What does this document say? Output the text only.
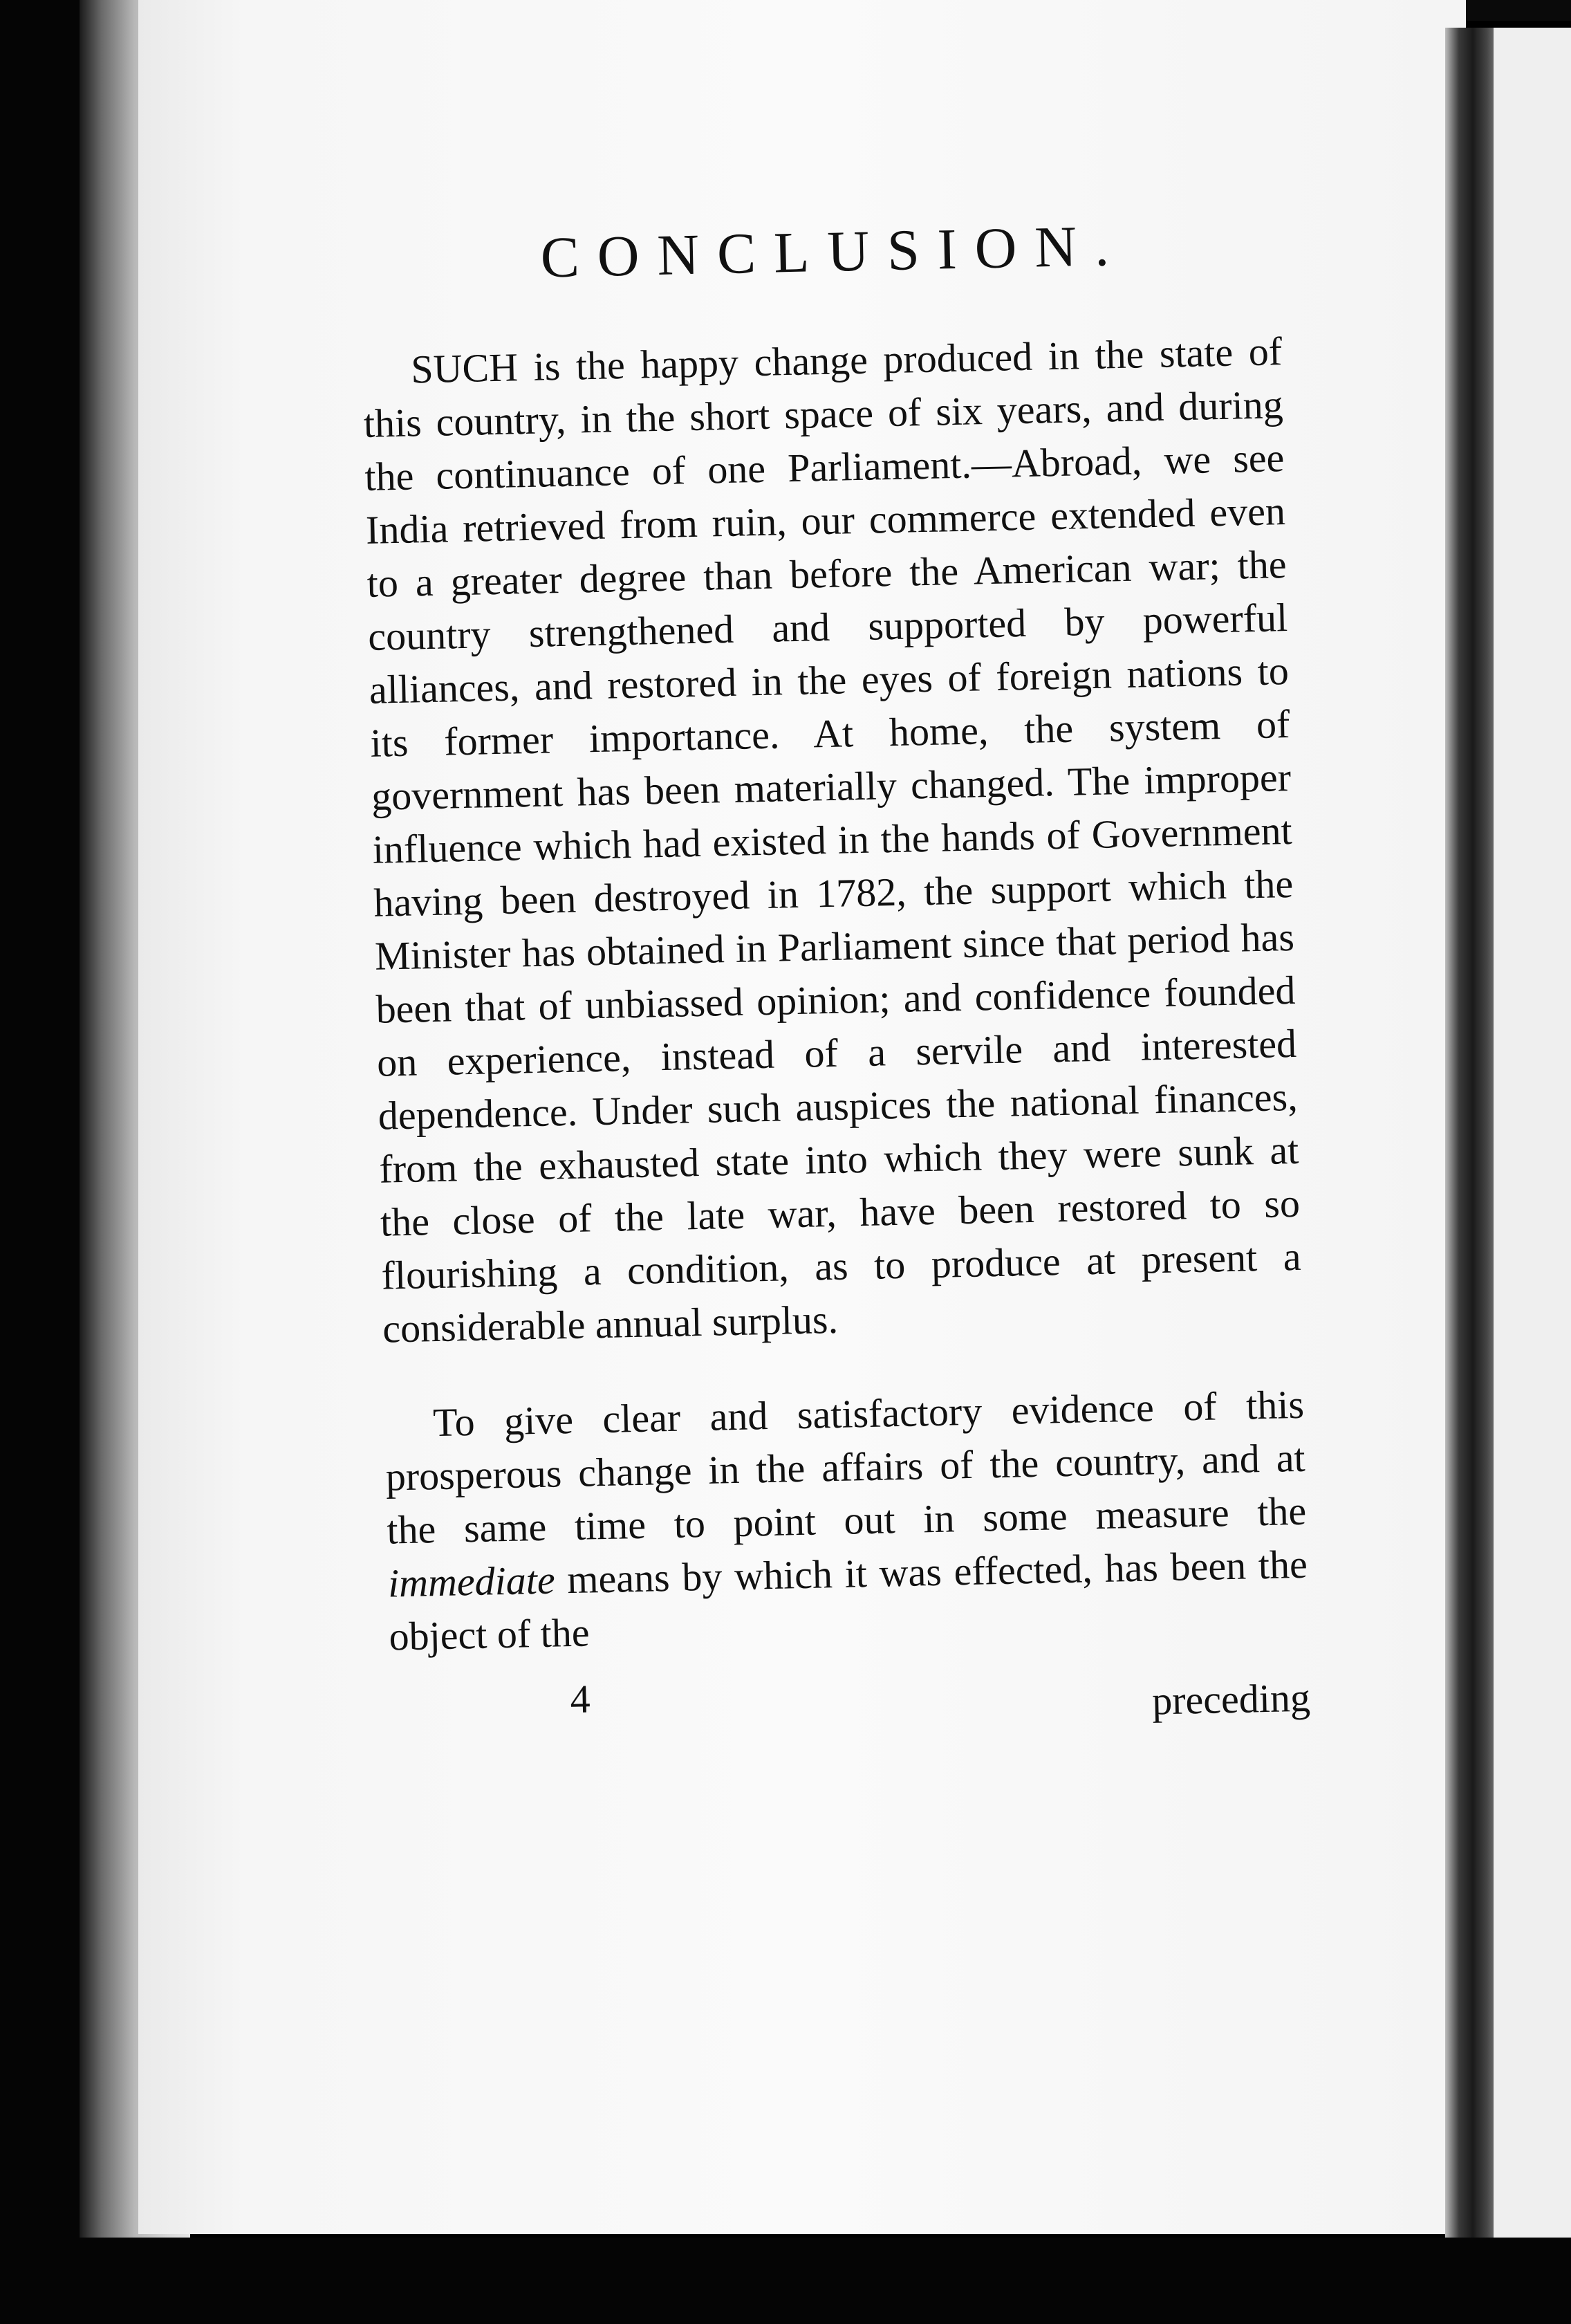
CONCLUSION.

SUCH is the happy change produced in the state of this country, in the short space of six years, and during the continuance of one Parliament.—Abroad, we see India retrieved from ruin, our commerce extended even to a greater degree than before the American war; the country strengthened and supported by powerful alliances, and restored in the eyes of foreign nations to its former importance. At home, the system of government has been materially changed. The improper influence which had existed in the hands of Government having been destroyed in 1782, the support which the Minister has obtained in Parliament since that period has been that of unbiassed opinion; and confidence founded on experience, instead of a servile and interested dependence. Under such auspices the national finances, from the exhausted state into which they were sunk at the close of the late war, have been restored to so flourishing a condition, as to produce at present a considerable annual surplus.

To give clear and satisfactory evidence of this prosperous change in the affairs of the country, and at the same time to point out in some measure the immediate means by which it was effected, has been the object of the

4	preceding
